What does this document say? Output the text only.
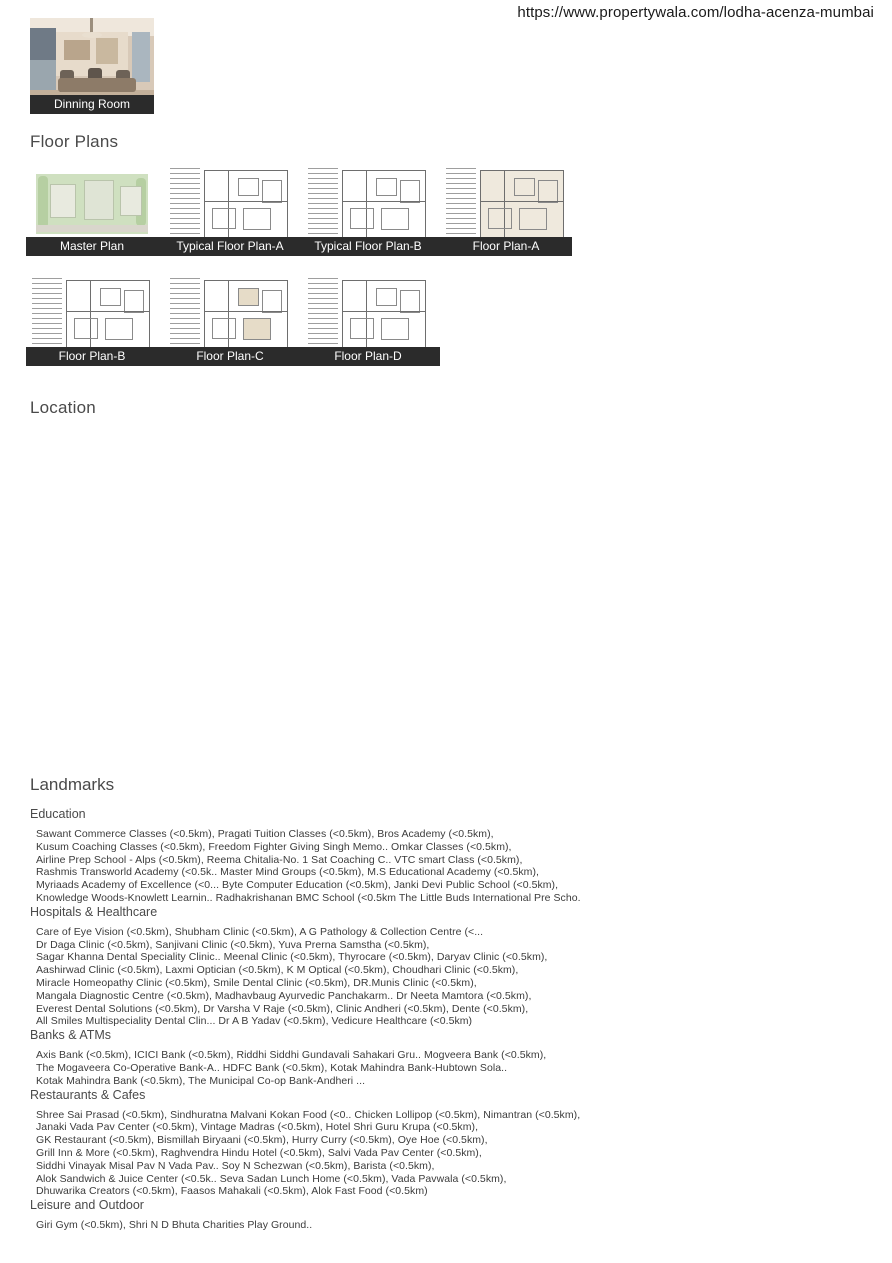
https://www.propertywala.com/lodha-acenza-mumbai
Dinning Room
Floor Plans
Master Plan	Typical Floor Plan-A	Typical Floor Plan-B	Floor Plan-A
Floor Plan-B	Floor Plan-C	Floor Plan-D
Location
Landmarks
Education
Sawant Commerce Classes (<0.5km), Pragati Tuition Classes (<0.5km), Bros Academy (<0.5km),
Kusum Coaching Classes (<0.5km), Freedom Fighter Giving Singh Memo.. Omkar Classes (<0.5km),
Airline Prep School - Alps (<0.5km), Reema Chitalia-No. 1 Sat Coaching C.. VTC smart Class (<0.5km),
Rashmis Transworld Academy (<0.5k.. Master Mind Groups (<0.5km), M.S Educational Academy (<0.5km),
Myriaads Academy of Excellence (<0... Byte Computer Education (<0.5km), Janki Devi Public School (<0.5km),
Knowledge Woods-Knowlett Learnin.. Radhakrishanan BMC School (<0.5km The Little Buds International Pre Scho.
Hospitals & Healthcare
Care of Eye Vision (<0.5km), Shubham Clinic (<0.5km), A G Pathology & Collection Centre (<...
Dr Daga Clinic (<0.5km), Sanjivani Clinic (<0.5km), Yuva Prerna Samstha (<0.5km),
Sagar Khanna Dental Speciality Clinic.. Meenal Clinic (<0.5km), Thyrocare (<0.5km), Daryav Clinic (<0.5km),
Aashirwad Clinic (<0.5km), Laxmi Optician (<0.5km), K M Optical (<0.5km), Choudhari Clinic (<0.5km),
Miracle Homeopathy Clinic (<0.5km), Smile Dental Clinic (<0.5km), DR.Munis Clinic (<0.5km),
Mangala Diagnostic Centre (<0.5km), Madhavbaug Ayurvedic Panchakarm.. Dr Neeta Mamtora (<0.5km),
Everest Dental Solutions (<0.5km), Dr Varsha V Raje (<0.5km), Clinic Andheri (<0.5km), Dente (<0.5km),
All Smiles Multispeciality Dental Clin... Dr A B Yadav (<0.5km), Vedicure Healthcare (<0.5km)
Banks & ATMs
Axis Bank (<0.5km), ICICI Bank (<0.5km), Riddhi Siddhi Gundavali Sahakari Gru.. Mogveera Bank (<0.5km),
The Mogaveera Co-Operative Bank-A.. HDFC Bank (<0.5km), Kotak Mahindra Bank-Hubtown Sola..
Kotak Mahindra Bank (<0.5km), The Municipal Co-op Bank-Andheri ...
Restaurants & Cafes
Shree Sai Prasad (<0.5km), Sindhuratna Malvani Kokan Food (<0.. Chicken Lollipop (<0.5km), Nimantran (<0.5km),
Janaki Vada Pav Center (<0.5km), Vintage Madras (<0.5km), Hotel Shri Guru Krupa (<0.5km),
GK Restaurant (<0.5km), Bismillah Biryaani (<0.5km), Hurry Curry (<0.5km), Oye Hoe (<0.5km),
Grill Inn & More (<0.5km), Raghvendra Hindu Hotel (<0.5km), Salvi Vada Pav Center (<0.5km),
Siddhi Vinayak Misal Pav N Vada Pav.. Soy N Schezwan (<0.5km), Barista (<0.5km),
Alok Sandwich & Juice Center (<0.5k.. Seva Sadan Lunch Home (<0.5km), Vada Pavwala (<0.5km),
Dhuwarika Creators (<0.5km), Faasos Mahakali (<0.5km), Alok Fast Food (<0.5km)
Leisure and Outdoor
Giri Gym (<0.5km), Shri N D Bhuta Charities Play Ground..
